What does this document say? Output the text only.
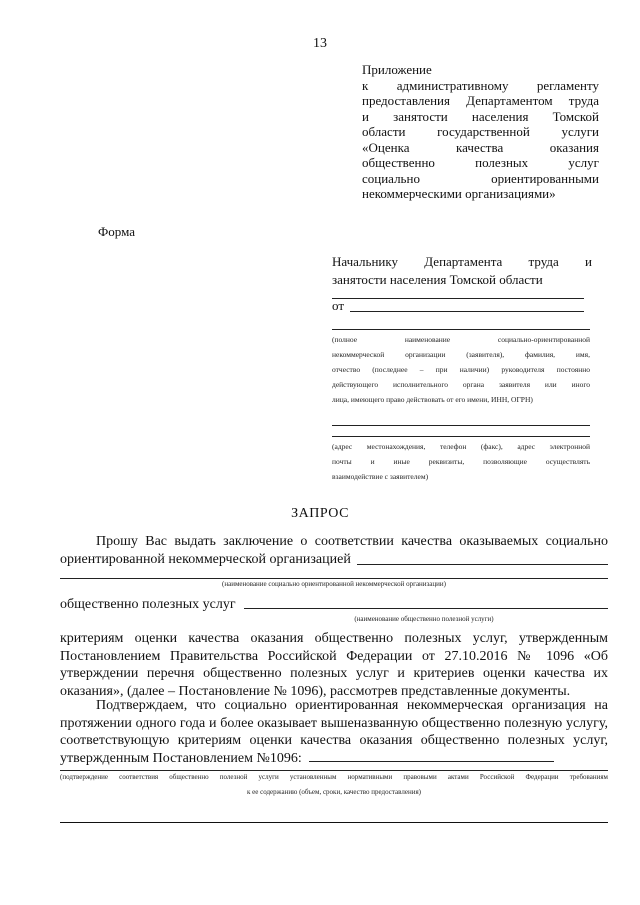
13
Приложение
к административному регламенту
предоставления Департаментом труда
и занятости населения Томской
области государственной услуги
«Оценка качества оказания
общественно полезных услуг
социально ориентированными
некоммерческими организациями»
Форма
Начальнику Департамента труда и
занятости населения Томской области
от
(полное наименование социально-ориентированной
некоммерческой организации (заявителя), фамилия, имя,
отчество (последнее – при наличии) руководителя постоянно
действующего исполнительного органа заявителя или иного
лица, имеющего право действовать от его имени, ИНН, ОГРН)
(адрес местонахождения, телефон (факс), адрес электронной
почты и иные реквизиты, позволяющие осуществлять
взаимодействие с заявителем)
ЗАПРОС
Прошу Вас выдать заключение о соответствии качества оказываемых социально
ориентированной некоммерческой организацией
(наименование социально ориентированной некоммерческой организации)
общественно полезных услуг
(наименование общественно полезной услуги)
критериям оценки качества оказания общественно полезных услуг, утвержденным Постановлением Правительства Российской Федерации от 27.10.2016 № 1096 «Об утверждении перечня общественно полезных услуг и критериев оценки качества их оказания», (далее – Постановление № 1096), рассмотрев представленные документы.
Подтверждаем, что социально ориентированная некоммерческая организация на протяжении одного года и более оказывает вышеназванную общественно полезную услугу, соответствующую критериям оценки качества оказания общественно полезных услуг, утвержденным Постановлением №1096:
(подтверждение соответствия общественно полезной услуги установленным нормативными правовыми актами Российской Федерации требованиям
к ее содержанию (объем, сроки, качество предоставления)
